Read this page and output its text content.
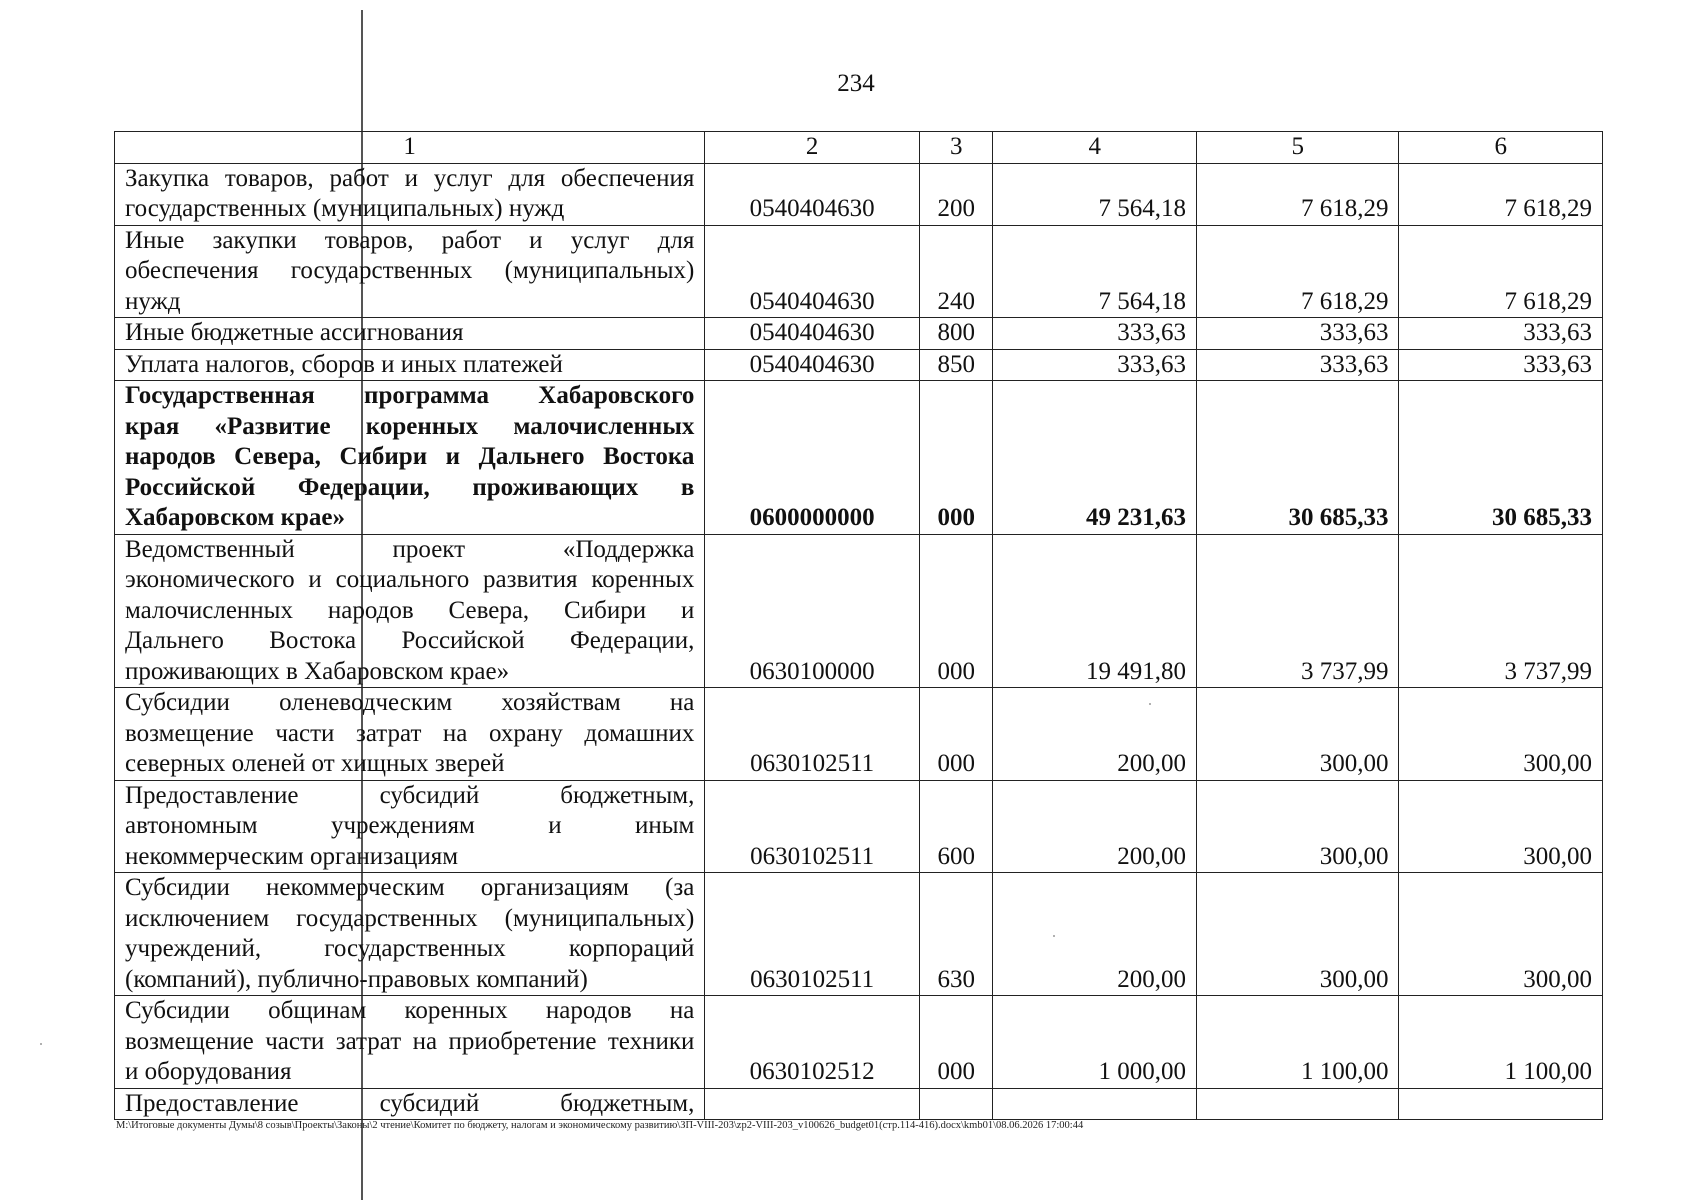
234
1	2	3	4	5	6

Закупка товаров, работ и услуг для обеспечения
государственных (муниципальных) нужд	0540404630	200	7 564,18	7 618,29	7 618,29

Иные закупки товаров, работ и услуг для
обеспечения государственных (муниципальных)
нужд	0540404630	240	7 564,18	7 618,29	7 618,29

Иные бюджетные ассигнования	0540404630	800	333,63	333,63	333,63

Уплата налогов, сборов и иных платежей	0540404630	850	333,63	333,63	333,63

Государственная программа Хабаровского
края «Развитие коренных малочисленных
народов Севера, Сибири и Дальнего Востока
Российской Федерации, проживающих в
Хабаровском крае»	0600000000	000	49 231,63	30 685,33	30 685,33

Ведомственный проект «Поддержка
экономического и социального развития коренных
малочисленных народов Севера, Сибири и
Дальнего Востока Российской Федерации,
проживающих в Хабаровском крае»	0630100000	000	19 491,80	3 737,99	3 737,99

Субсидии оленеводческим хозяйствам на
возмещение части затрат на охрану домашних
северных оленей от хищных зверей	0630102511	000	200,00	300,00	300,00

Предоставление субсидий бюджетным,
автономным учреждениям и иным
некоммерческим организациям	0630102511	600	200,00	300,00	300,00

Субсидии некоммерческим организациям (за
исключением государственных (муниципальных)
учреждений, государственных корпораций
(компаний), публично-правовых компаний)	0630102511	630	200,00	300,00	300,00

Субсидии общинам коренных народов на
возмещение части затрат на приобретение техники
и оборудования	0630102512	000	1 000,00	1 100,00	1 100,00

Предоставление субсидий бюджетным,					

M:\Итоговые документы Думы\8 созыв\Проекты\Законы\2 чтение\Комитет по бюджету, налогам и экономическому развитию\ЗП-VIII-203\zp2-VIII-203_v100626_budget01(стр.114-416).docx\kmb01\08.06.2026 17:00:44
